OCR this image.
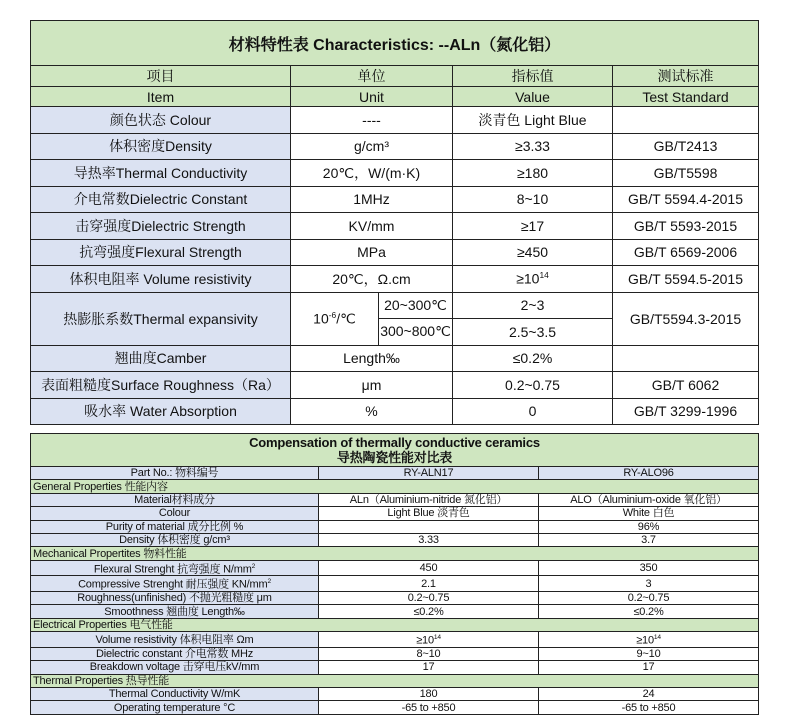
材料特性表 Characteristics: --ALn（氮化铝）				
项目	单位		指标值	测试标准
Item	Unit		Value	Test Standard
颜色状态 Colour	----		淡青色 Light Blue	
体积密度Density	g/cm³		≥3.33	GB/T2413
导热率Thermal Conductivity	20℃，W/(m·K)		≥180	GB/T5598
介电常数Dielectric Constant	1MHz		8~10	GB/T 5594.4-2015
击穿强度Dielectric Strength	KV/mm		≥17	GB/T 5593-2015
抗弯强度Flexural Strength	MPa		≥450	GB/T 6569-2006
体积电阻率 Volume resistivity	20℃，Ω.cm		$\ge 10^{14}$	GB/T 5594.5-2015
热膨胀系数Thermal expansivity	$10^{-6}/℃$	20~300℃	2~3	GB/T5594.3-2015
		300~800℃	2.5~3.5	
翘曲度Camber	Length‰		≤0.2%	
表面粗糙度Surface Roughness（Ra）	μm		0.2~0.75	GB/T 6062
吸水率 Water Absorption	%		0	GB/T 3299-1996
Compensation of thermally conductive ceramics
导热陶瓷性能对比表		

Part No.: 物料编号	RY-ALN17	RY-ALO96
General Properties 性能内容		
Material材料成分	ALn（Aluminium-nitride 氮化铝）	ALO（Aluminium-oxide 氧化铝）
Colour	Light Blue 淡青色	White 白色
Purity of material 成分比例 %		96%
Density 体积密度 g/cm³	3.33	3.7
Mechanical Propertites 物料性能		
Flexural Strenght 抗弯强度 $N/mm^2$	450	350
Compressive Strenght 耐压强度 $KN/mm^2$	2.1	3
Roughness(unfinished) 不抛光粗糙度 μm	0.2~0.75	0.2~0.75
Smoothness 翘曲度 Length‰	≤0.2%	≤0.2%
Electrical Properties 电气性能		
Volume resistivity 体积电阻率 Ωm	$\ge 10^{14}$	$\ge 10^{14}$
Dielectric constant 介电常数 MHz	8~10	9~10
Breakdown voltage 击穿电压kV/mm	17	17
Thermal Properties 热导性能		
Thermal Conductivity W/mK	180	24
Operating temperature °C	-65 to +850	-65 to +850
